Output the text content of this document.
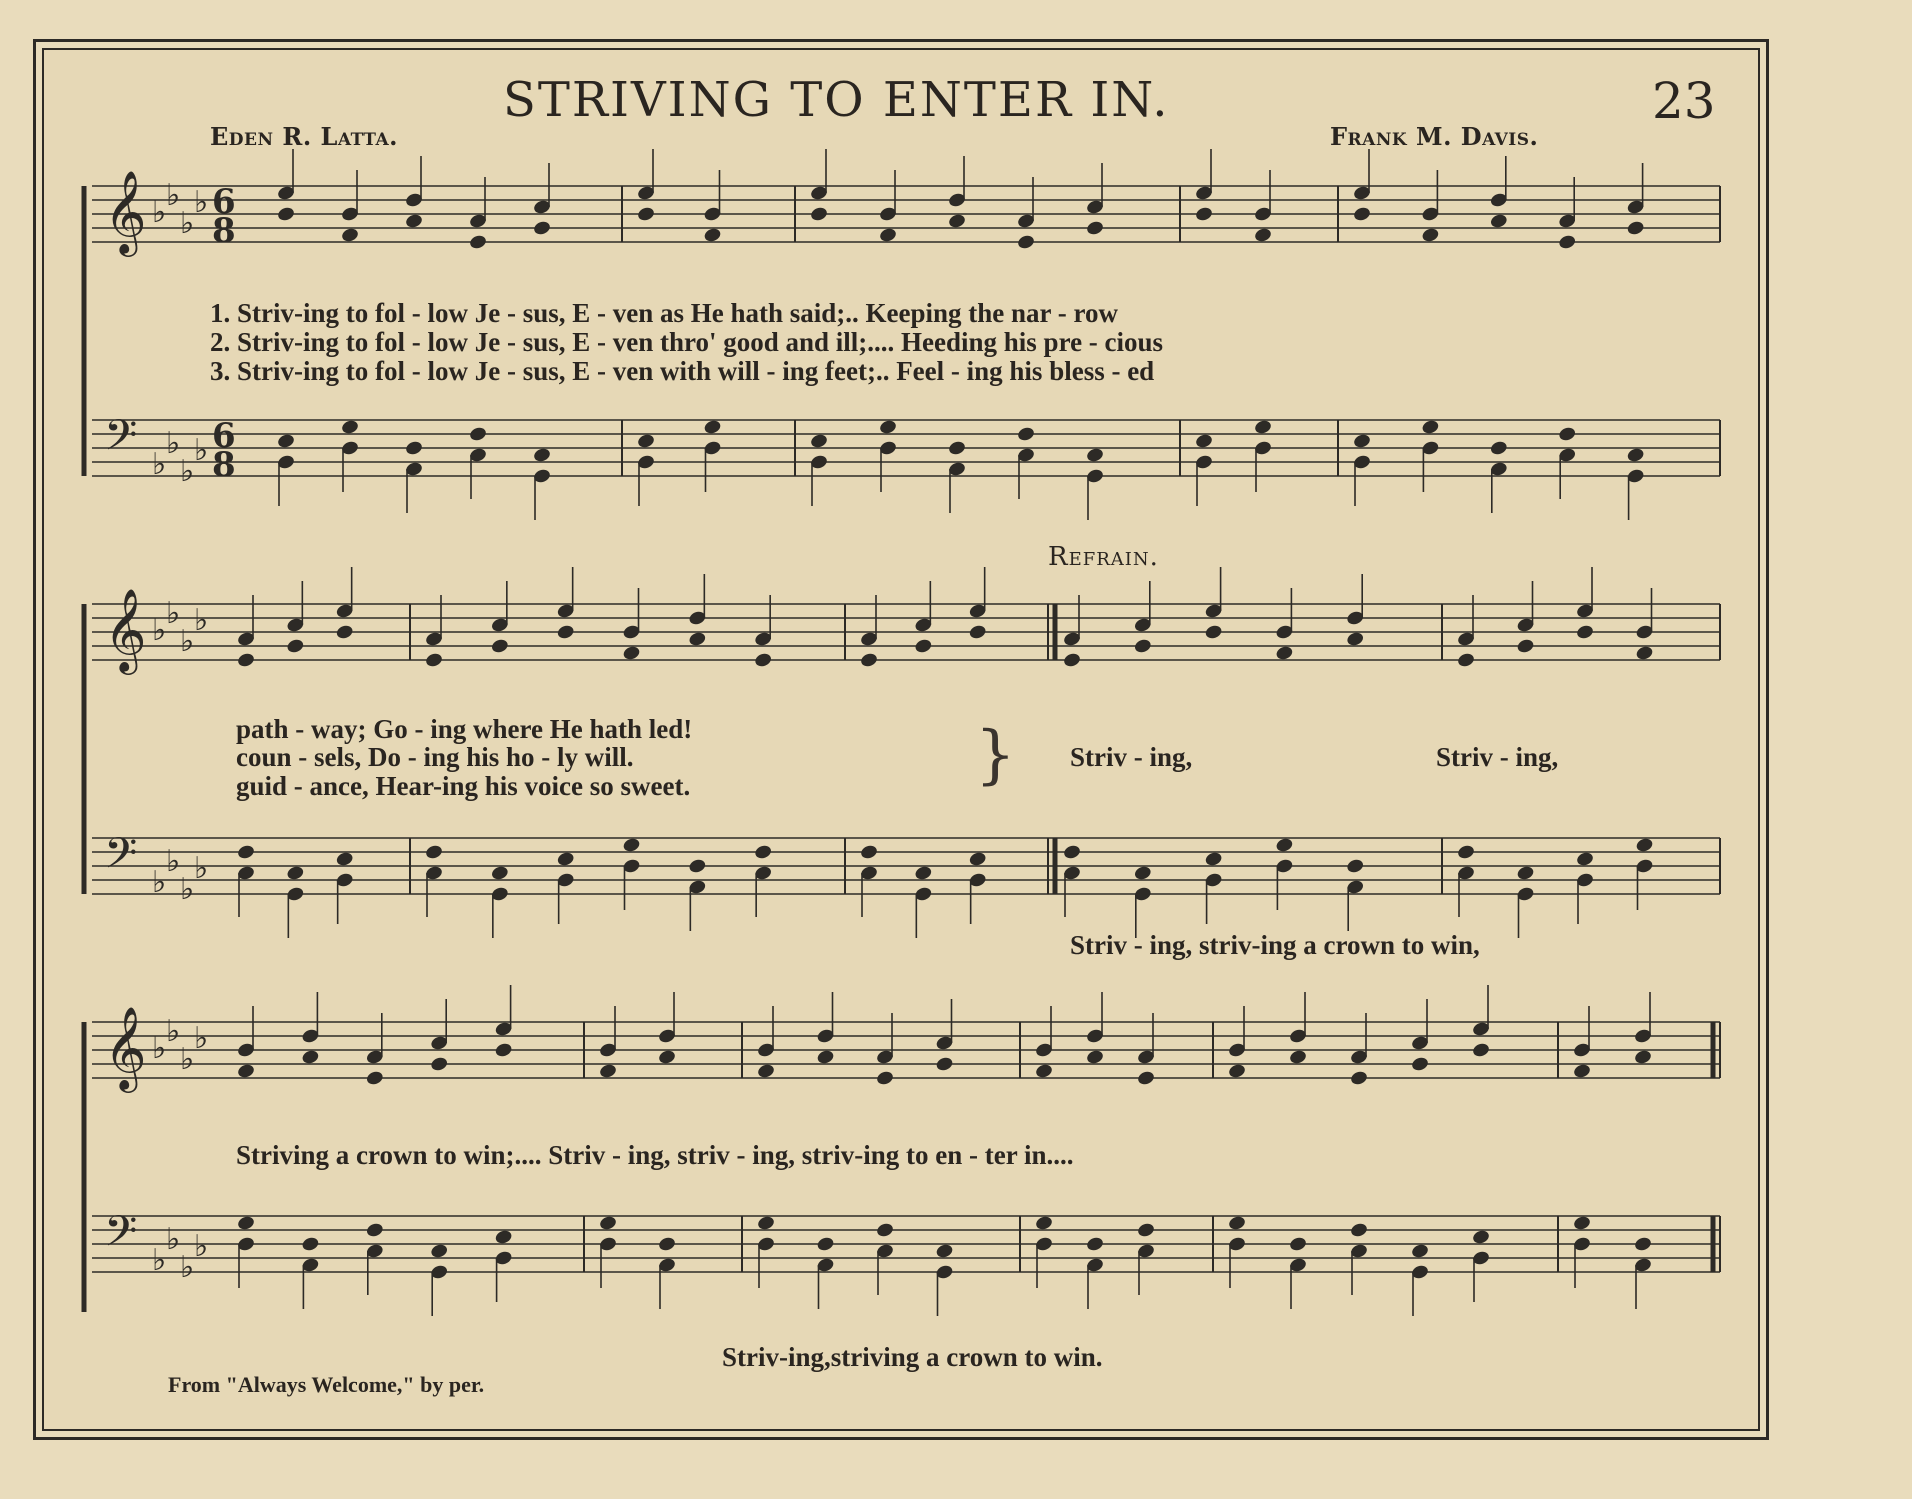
STRIVING TO ENTER IN.	23
Eden R. Latta.	Frank M. Davis.
𝄞 ♭ ♭
♭
♭ 6
8
𝄢 ♭
♭
♭
♭ 6
8
𝄞 ♭ ♭
♭
♭
𝄢 ♭
♭
♭
♭
𝄞 ♭ ♭
♭
♭
𝄢 ♭
♭
♭
♭
1. Striv-ing to fol - low Je - sus, E - ven as He hath said;.. Keeping the nar - row
2. Striv-ing to fol - low Je - sus, E - ven thro' good and ill;.... Heeding his pre - cious
3. Striv-ing to fol - low Je - sus, E - ven with will - ing feet;.. Feel - ing his bless - ed
Refrain.
path - way; Go - ing where He hath led!
coun - sels, Do - ing his ho - ly will.
guid - ance, Hear-ing his voice so sweet.	} Striv - ing,	Striv - ing,
Striv - ing, striv-ing a crown to win,
Striving a crown to win;.... Striv - ing, striv - ing, striv-ing to en - ter in....
Striv-ing,striving a crown to win.
From "Always Welcome," by per.
